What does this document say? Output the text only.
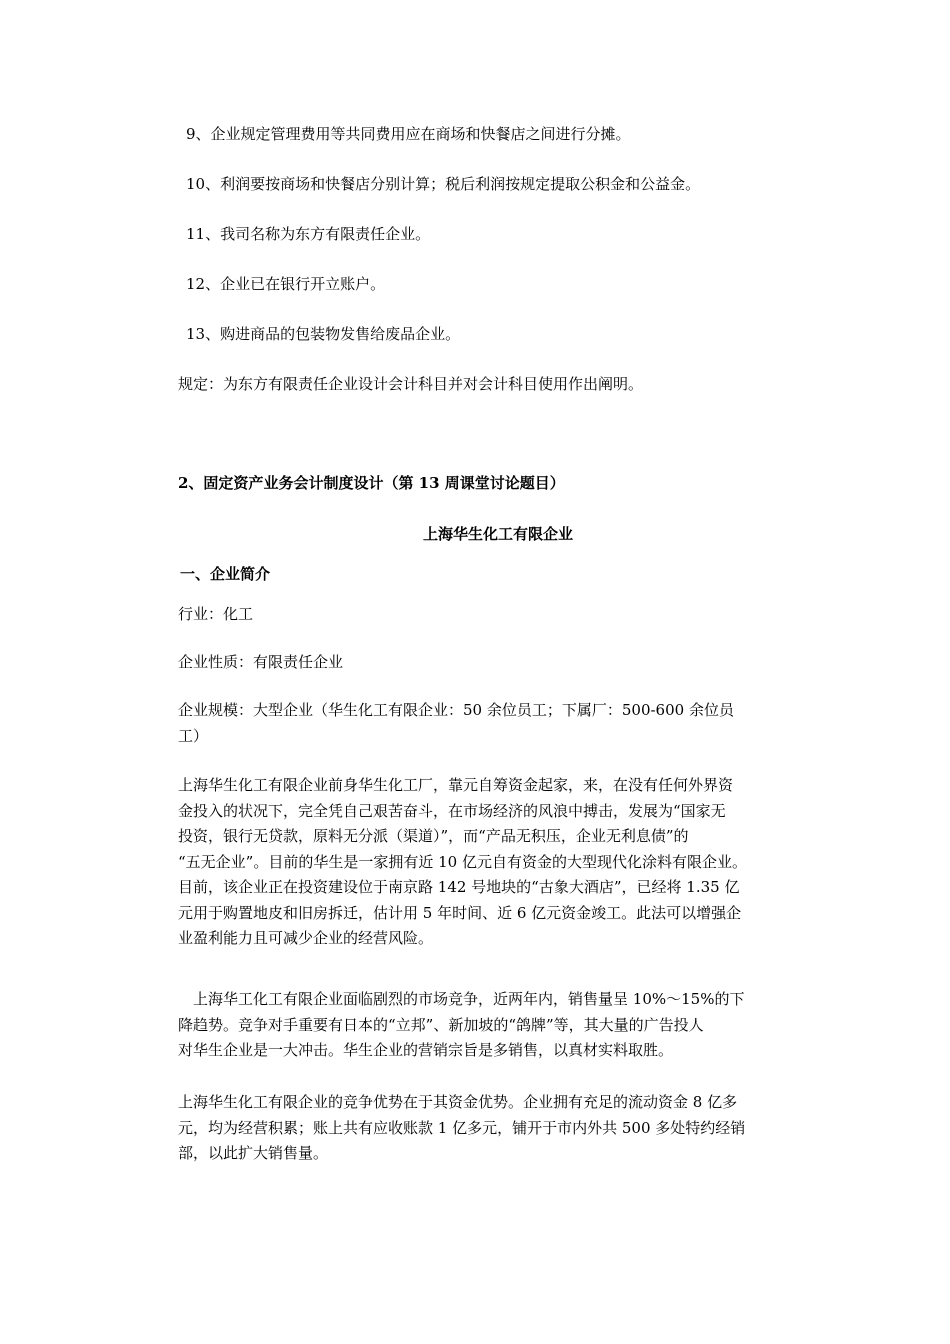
9、企业规定管理费用等共同费用应在商场和快餐店之间进行分摊。
10、利润要按商场和快餐店分别计算；税后利润按规定提取公积金和公益金。
11、我司名称为东方有限责任企业。
12、企业已在银行开立账户。
13、购进商品的包装物发售给废品企业。
规定：为东方有限责任企业设计会计科目并对会计科目使用作出阐明。
2、固定资产业务会计制度设计（第 13 周课堂讨论题目）
上海华生化工有限企业
一、企业简介
行业：化工
企业性质：有限责任企业
企业规模：大型企业（华生化工有限企业：50 余位员工；下属厂：500-600 余位员
工）
上海华生化工有限企业前身华生化工厂，靠元自筹资金起家，来，在没有任何外界资
金投入的状况下，完全凭自己艰苦奋斗，在市场经济的风浪中搏击，发展为“国家无
投资，银行无贷款，原料无分派（渠道）”，而“产品无积压，企业无利息债”的
“五无企业”。目前的华生是一家拥有近 10 亿元自有资金的大型现代化涂料有限企业。
目前，该企业正在投资建设位于南京路 142 号地块的“古象大酒店”，已经将 1.35 亿
元用于购置地皮和旧房拆迁，估计用 5 年时间、近 6 亿元资金竣工。此法可以增强企
业盈利能力且可减少企业的经营风险。
　上海华工化工有限企业面临剧烈的市场竞争，近两年内，销售量呈 10%～15%的下
降趋势。竞争对手重要有日本的“立邦”、新加坡的“鸽牌”等，其大量的广告投人
对华生企业是一大冲击。华生企业的营销宗旨是多销售，以真材实料取胜。
上海华生化工有限企业的竞争优势在于其资金优势。企业拥有充足的流动资金 8 亿多
元，均为经营积累；账上共有应收账款 1 亿多元，铺开于市内外共 500 多处特约经销
部，以此扩大销售量。
